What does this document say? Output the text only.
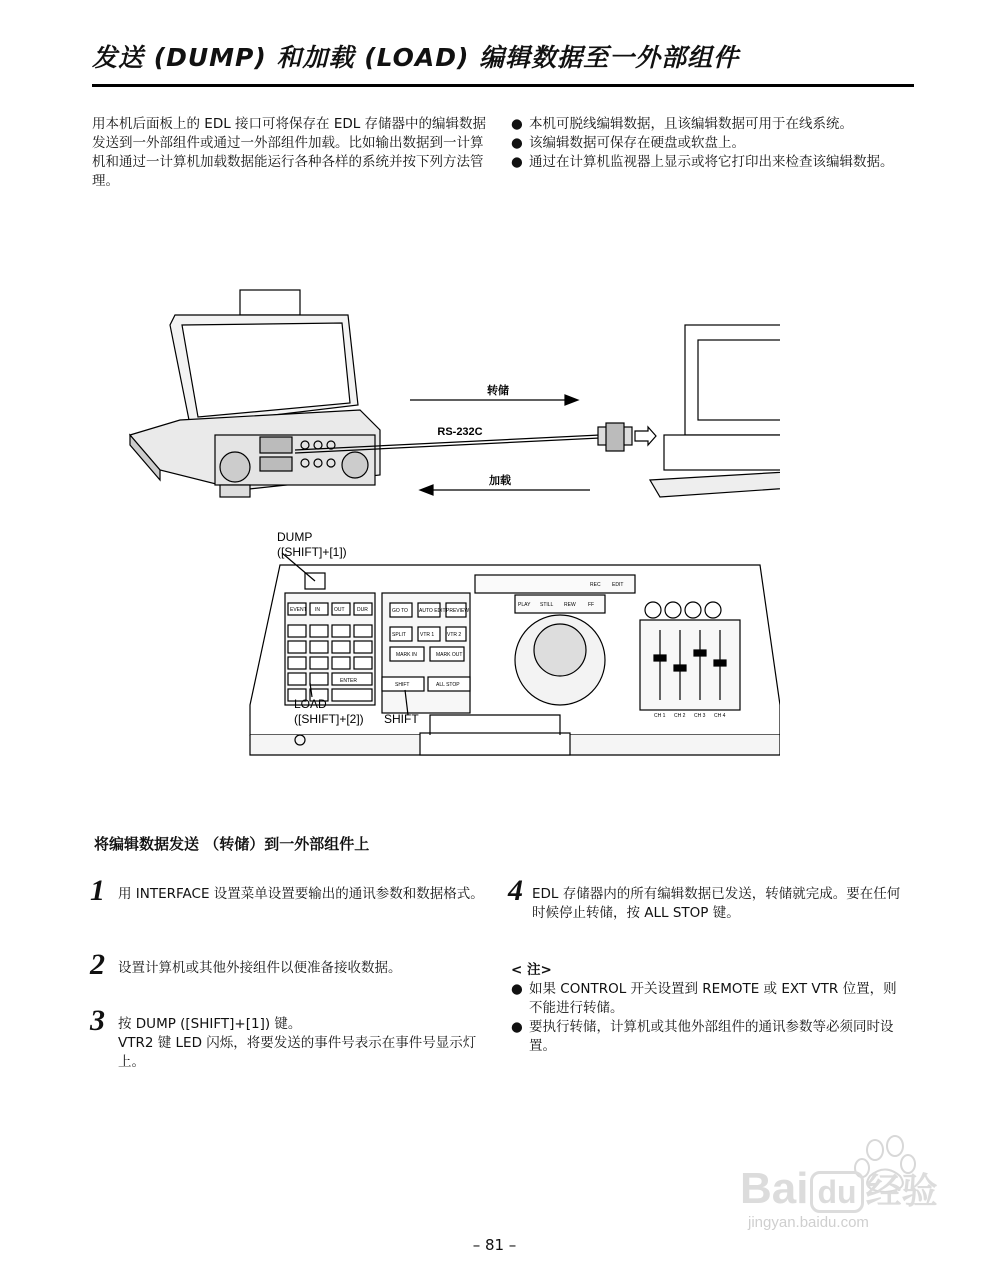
发送 (DUMP) 和加载 (LOAD) 编辑数据至一外部组件
用本机后面板上的 EDL 接口可将保存在 EDL 存储器中的编辑数据发送到一外部组件或通过一外部组件加载。比如输出数据到一计算机和通过一计算机加载数据能运行各种各样的系统并按下列方法管理。

● 本机可脱线编辑数据，且该编辑数据可用于在线系统。

● 该编辑数据可保存在硬盘或软盘上。

● 通过在计算机监视器上显示或将它打印出来检查该编辑数据。

转储
RS-232C
加载
DUMP
([SHIFT]+[1])
LOAD
([SHIFT]+[2]) SHIFT
EVENT IN	OUT DUR	GO TO AUTO EDIT PREVIEW
SPLIT	VTR 1	VTR 2
MARK IN	MARK OUT
ENTER
SHIFT	ALL STOP
PLAY STILL REW FF
REC EDIT
CH 1 CH 2 CH 3 CH 4
将编辑数据发送 （转储）到一外部组件上
1 用 INTERFACE 设置菜单设置要输出的通讯参数和数据格式。
2 设置计算机或其他外接组件以便准备接收数据。
3 按 DUMP ([SHIFT]+[1]) 键。
VTR2 键 LED 闪烁，将要发送的事件号表示在事件号显示灯上。
4 EDL 存储器内的所有编辑数据已发送，转储就完成。要在任何时候停止转储，按 ALL STOP 键。
< 注>

● 如果 CONTROL 开关设置到 REMOTE 或 EXT VTR 位置，则不能进行转储。

● 要执行转储，计算机或其他外部组件的通讯参数等必须同时设置。

Bai du 经验
jingyan.baidu.com
– 81 –
